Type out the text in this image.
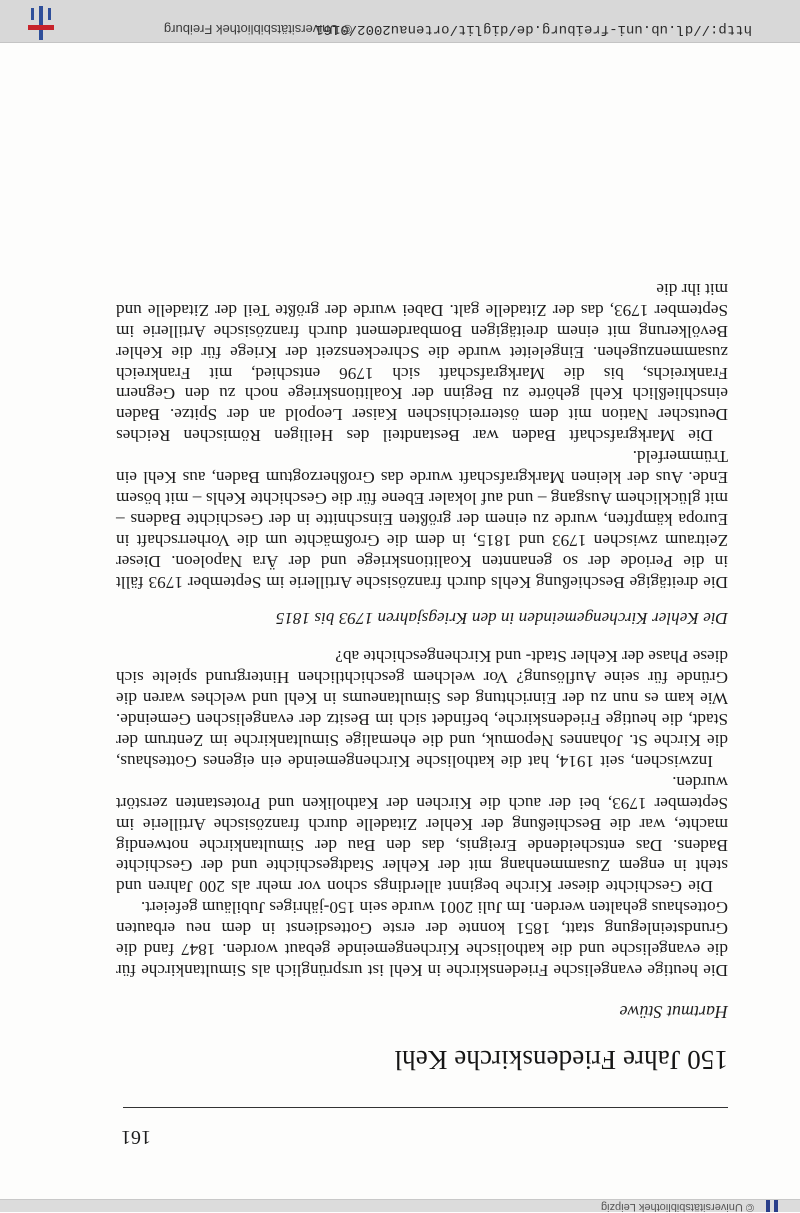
© Universitätsbibliothek Leipzig
161
150 Jahre Friedenskirche Kehl
Hartmut Stüwe

Die heutige evangelische Friedenskirche in Kehl ist ursprünglich als Simultankirche für die evangelische und die katholische Kirchengemeinde gebaut worden. 1847 fand die Grundsteinlegung statt, 1851 konnte der erste Gottesdienst in dem neu erbauten Gotteshaus gehalten werden. Im Juli 2001 wurde sein 150-jähriges Jubiläum gefeiert.

Die Geschichte dieser Kirche beginnt allerdings schon vor mehr als 200 Jahren und steht in engem Zusammenhang mit der Kehler Stadtgeschichte und der Geschichte Badens. Das entscheidende Ereignis, das den Bau der Simultankirche notwendig machte, war die Beschießung der Kehler Zitadelle durch französische Artillerie im September 1793, bei der auch die Kirchen der Katholiken und Protestanten zerstört wurden.

Inzwischen, seit 1914, hat die katholische Kirchengemeinde ein eigenes Gotteshaus, die Kirche St. Johannes Nepomuk, und die ehemalige Simultankirche im Zentrum der Stadt, die heutige Friedenskirche, befindet sich im Besitz der evangelischen Gemeinde. Wie kam es nun zu der Einrichtung des Simultaneums in Kehl und welches waren die Gründe für seine Auflösung? Vor welchem geschichtlichen Hintergrund spielte sich diese Phase der Kehler Stadt- und Kirchengeschichte ab?

Die Kehler Kirchengemeinden in den Kriegsjahren 1793 bis 1815

Die dreitägige Beschießung Kehls durch französische Artillerie im September 1793 fällt in die Periode der so genannten Koalitionskriege und der Ära Napoleon. Dieser Zeitraum zwischen 1793 und 1815, in dem die Großmächte um die Vorherrschaft in Europa kämpften, wurde zu einem der größten Einschnitte in der Geschichte Badens – mit glücklichem Ausgang – und auf lokaler Ebene für die Geschichte Kehls – mit bösem Ende. Aus der kleinen Markgrafschaft wurde das Großherzogtum Baden, aus Kehl ein Trümmerfeld.

Die Markgrafschaft Baden war Bestandteil des Heiligen Römischen Reiches Deutscher Nation mit dem österreichischen Kaiser Leopold an der Spitze. Baden einschließlich Kehl gehörte zu Beginn der Koalitionskriege noch zu den Gegnern Frankreichs, bis die Markgrafschaft sich 1796 entschied, mit Frankreich zusammenzugehen. Eingeleitet wurde die Schreckenszeit der Kriege für die Kehler Bevölkerung mit einem dreitägigen Bombardement durch französische Artillerie im September 1793, das der Zitadelle galt. Dabei wurde der größte Teil der Zitadelle und mit ihr die

http://dl.ub.uni-freiburg.de/diglit/ortenau2002/0161
© Universitätsbibliothek Freiburg
